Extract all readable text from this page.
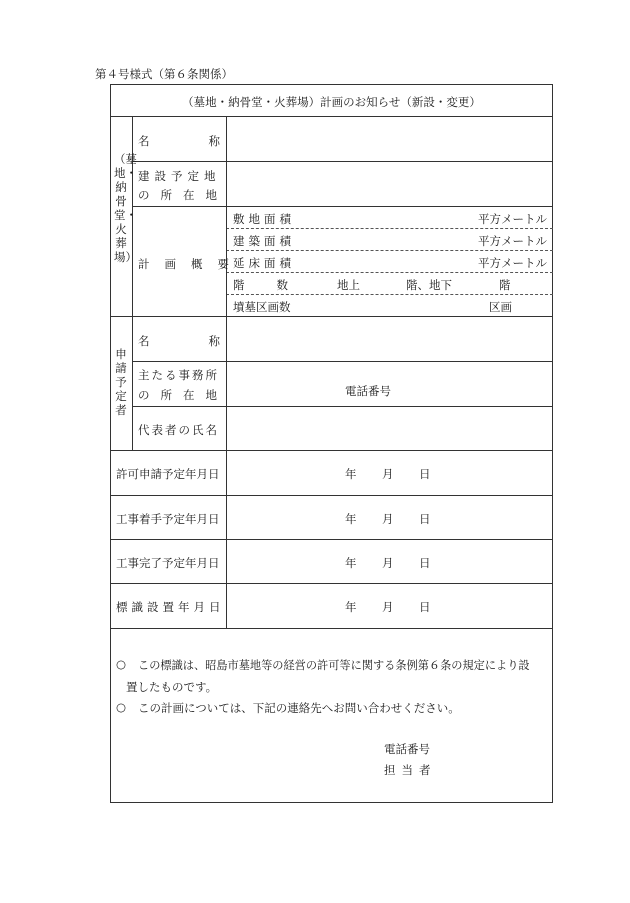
第４号様式（第６条関係）
（墓地・納骨堂・火葬場）計画のお知らせ（新設・変更）
（墓地・納骨堂・火葬場）
名	称
建設予定地
の所在地
計画概要
敷地面積	平方メートル
建築面積	平方メートル
延床面積	平方メートル
階数 地上	階、地下	階
墳墓区画数	区画
申請予定者
名	称
主たる事務所
の所在地	電話番号
代表者の氏名
許可申請予定年月日	年	月	日
工事着手予定年月日	年	月	日
工事完了予定年月日	年	月	日
標識設置年月日	年	月	日
○ この標識は、昭島市墓地等の経営の許可等に関する条例第６条の規定により設
置したものです。
○ この計画については、下記の連絡先へお問い合わせください。
電話番号
担当者
